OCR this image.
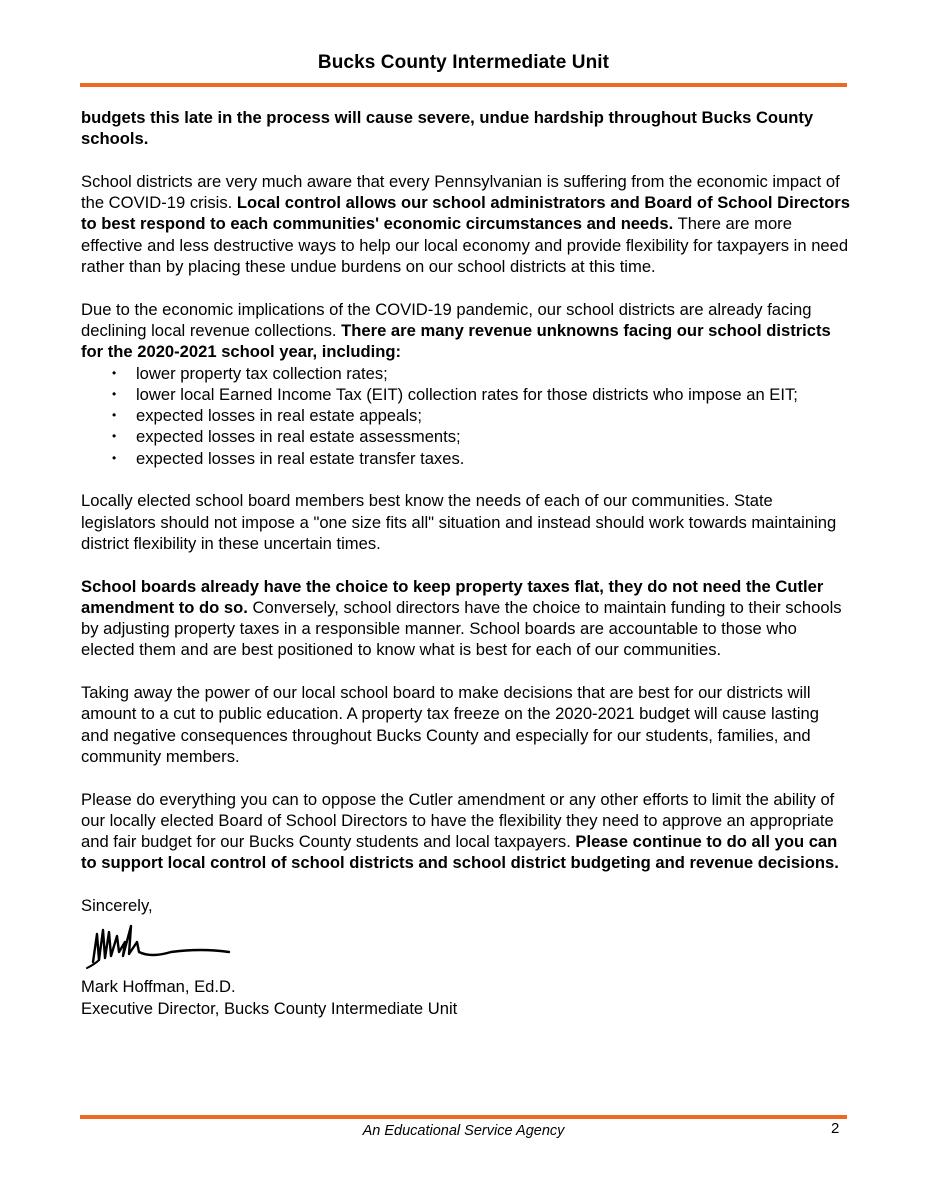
Bucks County Intermediate Unit

budgets this late in the process will cause severe, undue hardship throughout Bucks County schools.

School districts are very much aware that every Pennsylvanian is suffering from the economic impact of the COVID-19 crisis. Local control allows our school administrators and Board of School Directors to best respond to each communities' economic circumstances and needs. There are more effective and less destructive ways to help our local economy and provide flexibility for taxpayers in need rather than by placing these undue burdens on our school districts at this time.

Due to the economic implications of the COVID-19 pandemic, our school districts are already facing declining local revenue collections. There are many revenue unknowns facing our school districts for the 2020-2021 school year, including:

• lower property tax collection rates;
• lower local Earned Income Tax (EIT) collection rates for those districts who impose an EIT;
• expected losses in real estate appeals;
• expected losses in real estate assessments;
• expected losses in real estate transfer taxes.

Locally elected school board members best know the needs of each of our communities. State legislators should not impose a "one size fits all" situation and instead should work towards maintaining district flexibility in these uncertain times.

School boards already have the choice to keep property taxes flat, they do not need the Cutler amendment to do so. Conversely, school directors have the choice to maintain funding to their schools by adjusting property taxes in a responsible manner. School boards are accountable to those who elected them and are best positioned to know what is best for each of our communities.

Taking away the power of our local school board to make decisions that are best for our districts will amount to a cut to public education. A property tax freeze on the 2020-2021 budget will cause lasting and negative consequences throughout Bucks County and especially for our students, families, and community members.

Please do everything you can to oppose the Cutler amendment or any other efforts to limit the ability of our locally elected Board of School Directors to have the flexibility they need to approve an appropriate and fair budget for our Bucks County students and local taxpayers. Please continue to do all you can to support local control of school districts and school district budgeting and revenue decisions.

Sincerely,
Mark Hoffman, Ed.D.
Executive Director, Bucks County Intermediate Unit
An Educational Service Agency	2
